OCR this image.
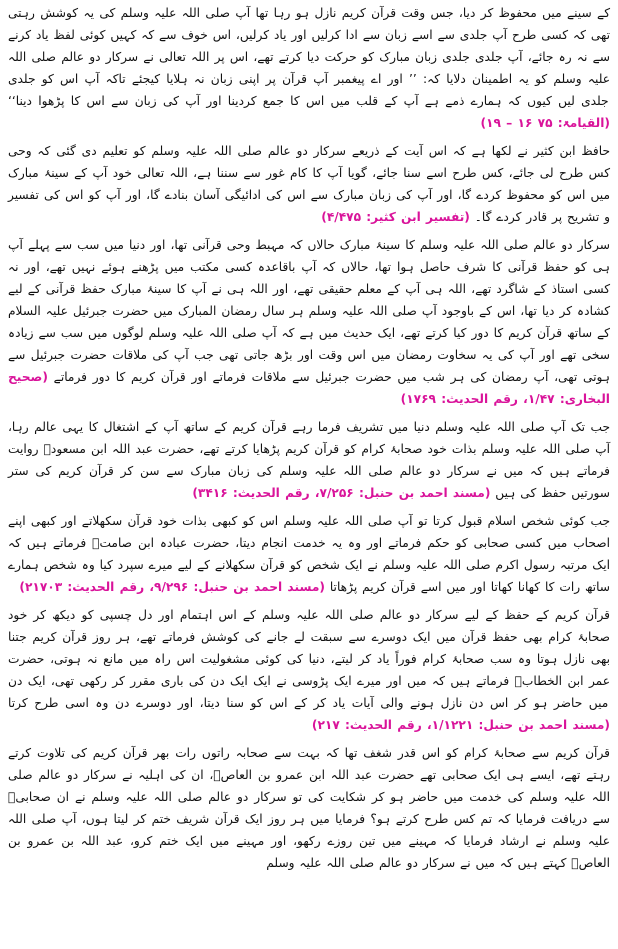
کے سینے میں محفوظ کر دیا، جس وقت قرآن کریم نازل ہو رہا تھا آپ صلی اللہ علیہ وسلم کی یہ کوشش رہتی تھی کہ کسی طرح آپ جلدی سے اسے زبان سے ادا کرلیں اور یاد کرلیں، اس خوف سے کہ کہیں کوئی لفظ یاد کرنے سے نہ رہ جائے، آپ جلدی جلدی زبان مبارک کو حرکت دیا کرتے تھے، اس پر اللہ تعالی نے سرکار دو عالم صلی اللہ علیہ وسلم کو یہ اطمینان دلایا کہ: ’’ اور اے پیغمبر آپ قرآن پر اپنی زبان نہ ہلایا کیجئے تاکہ آپ اس کو جلدی جلدی لیں کیوں کہ ہمارے ذمے ہے آپ کے قلب میں اس کا جمع کردینا اور آپ کی زبان سے اس کا پڑھوا دینا‘‘ (القیامۃ: ۷۵ ۱۶ – ۱۹)

حافظ ابن کثیر نے لکھا ہے کہ اس آیت کے ذریعے سرکار دو عالم صلی اللہ علیہ وسلم کو تعلیم دی گئی کہ وحی کس طرح لی جائے، کس طرح اسے سنا جائے، گویا آپ کا کام غور سے سننا ہے، اللہ تعالی خود آپ کے سینۂ مبارک میں اس کو محفوظ کردے گا، اور آپ کی زبان مبارک سے اس کی ادائیگی آسان بنادے گا، اور آپ کو اس کی تفسیر و تشریح پر قادر کردے گا۔ (تفسیر ابن کثیر: ۴/۴۷۵)

سرکار دو عالم صلی اللہ علیہ وسلم کا سینۂ مبارک حالاں کہ مہبط وحی قرآنی تھا، اور دنیا میں سب سے پہلے آپ ہی کو حفظ قرآنی کا شرف حاصل ہوا تھا، حالاں کہ آپ باقاعدہ کسی مکتب میں پڑھنے ہوئے نہیں تھے، اور نہ کسی استاذ کے شاگرد تھے، اللہ ہی آپ کے معلم حقیقی تھے، اور اللہ ہی نے آپ کا سینۂ مبارک حفظ قرآنی کے لیے کشادہ کر دیا تھا، اس کے باوجود آپ صلی اللہ علیہ وسلم ہر سال رمضان المبارک میں حضرت جبرئیل علیہ السلام کے ساتھ قرآن کریم کا دور کیا کرتے تھے، ایک حدیث میں ہے کہ آپ صلی اللہ علیہ وسلم لوگوں میں سب سے زیادہ سخی تھے اور آپ کی یہ سخاوت رمضان میں اس وقت اور بڑھ جاتی تھی جب آپ کی ملاقات حضرت جبرئیل سے ہوتی تھی، آپ رمضان کی ہر شب میں حضرت جبرئیل سے ملاقات فرماتے اور قرآن کریم کا دور فرماتے (صحیح البخاری: ۱/۴۷، رقم الحدیث: ۱۷۶۹)

جب تک آپ صلی اللہ علیہ وسلم دنیا میں تشریف فرما رہے قرآن کریم کے ساتھ آپ کے اشتغال کا یہی عالم رہا، آپ صلی اللہ علیہ وسلم بذات خود صحابۂ کرام کو قرآن کریم پڑھایا کرتے تھے، حضرت عبد اللہ ابن مسعودؓ روایت فرماتے ہیں کہ میں نے سرکار دو عالم صلی اللہ علیہ وسلم کی زبان مبارک سے سن کر قرآن کریم کی ستر سورتیں حفظ کی ہیں (مسند احمد بن حنبل: ۷/۲۵۶، رقم الحدیث: ۳۴۱۶)

جب کوئی شخص اسلام قبول کرتا تو آپ صلی اللہ علیہ وسلم اس کو کبھی بذات خود قرآن سکھلاتے اور کبھی اپنے اصحاب میں کسی صحابی کو حکم فرماتے اور وہ یہ خدمت انجام دیتا، حضرت عبادہ ابن صامتؓ فرماتے ہیں کہ ایک مرتبہ رسول اکرم صلی اللہ علیہ وسلم نے ایک شخص کو قرآن سکھلانے کے لیے میرے سپرد کیا وہ شخص ہمارے ساتھ رات کا کھانا کھاتا اور میں اسے قرآن کریم پڑھاتا (مسند احمد بن حنبل: ۹/۲۹۶، رقم الحدیث: ۲۱۷۰۳)

قرآن کریم کے حفظ کے لیے سرکار دو عالم صلی اللہ علیہ وسلم کے اس اہتمام اور دل چسپی کو دیکھ کر خود صحابۂ کرام بھی حفظ قرآن میں ایک دوسرے سے سبقت لے جانے کی کوشش فرماتے تھے، ہر روز قرآن کریم جتنا بھی نازل ہوتا وہ سب صحابۂ کرام فوراً یاد کر لیتے، دنیا کی کوئی مشغولیت اس راہ میں مانع نہ ہوتی، حضرت عمر ابن الخطابؓ فرماتے ہیں کہ میں اور میرے ایک پڑوسی نے ایک ایک دن کی باری مقرر کر رکھی تھی، ایک دن میں حاضر ہو کر اس دن نازل ہونے والی آیات یاد کر کے اس کو سنا دیتا، اور دوسرے دن وہ اسی طرح کرتا (مسند احمد بن حنبل: ۱/۱۲۲۱، رقم الحدیث: ۲۱۷)

قرآن کریم سے صحابۂ کرام کو اس قدر شغف تھا کہ بہت سے صحابہ راتوں رات بھر قرآن کریم کی تلاوت کرتے رہتے تھے، ایسے ہی ایک صحابی تھے حضرت عبد اللہ ابن عمرو بن العاصؓ، ان کی اہلیہ نے سرکار دو عالم صلی اللہ علیہ وسلم کی خدمت میں حاضر ہو کر شکایت کی تو سرکار دو عالم صلی اللہ علیہ وسلم نے ان صحابیؓ سے دریافت فرمایا کہ تم کس طرح کرتے ہو؟ فرمایا میں ہر روز ایک قرآن شریف ختم کر لیتا ہوں، آپ صلی اللہ علیہ وسلم نے ارشاد فرمایا کہ مہینے میں تین روزے رکھو، اور مہینے میں ایک ختم کرو، عبد اللہ بن عمرو بن العاصؓ کہتے ہیں کہ میں نے سرکار دو عالم صلی اللہ علیہ وسلم
